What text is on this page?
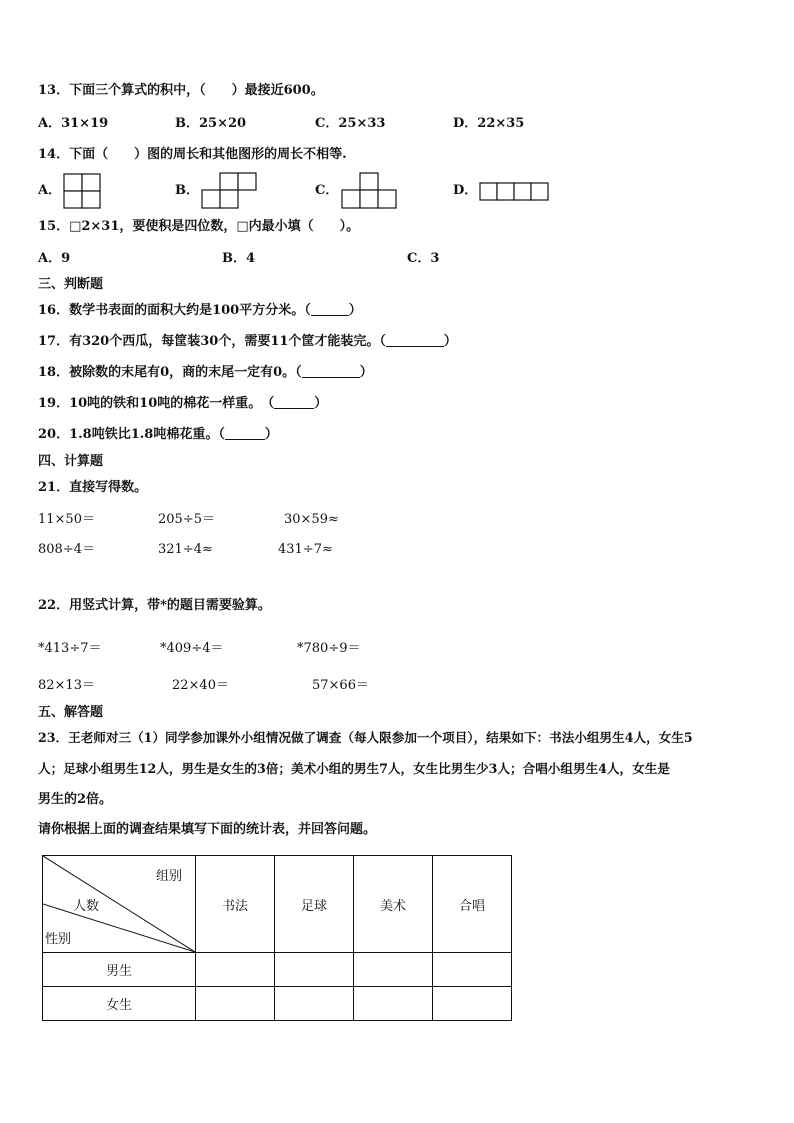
13．下面三个算式的积中，（　　）最接近600。
A．31×19	B．25×20	C．25×33	D．22×35
14．下面（　　）图的周长和其他图形的周长不相等.
A．	B．	C．	D．
15．□2×31，要使积是四位数，□内最小填（　　）。
A．9	B．4	C．3
三、判断题
16．数学书表面的面积大约是100平方分米。（	）
17．有320个西瓜，每筐装30个，需要11个筐才能装完。（	）
18．被除数的末尾有0，商的末尾一定有0。（	）
19．10吨的铁和10吨的棉花一样重。　（	）
20．1.8吨铁比1.8吨棉花重。（	）
四、计算题
21．直接写得数。
11×50＝	205÷5＝	30×59≈
808÷4＝	321÷4≈	431÷7≈
22．用竖式计算，带*的题目需要验算。
*413÷7＝	*409÷4＝	*780÷9＝
82×13＝	22×40＝	57×66＝
五、解答题
23．王老师对三（1）同学参加课外小组情况做了调查（每人限参加一个项目），结果如下：书法小组男生4人，女生5
人；足球小组男生12人，男生是女生的3倍；美术小组的男生7人，女生比男生少3人；合唱小组男生4人，女生是
男生的2倍。
请你根据上面的调查结果填写下面的统计表，并回答问题。
组别
人数
性别	书法	足球	美术	合唱
男生				
女生				
